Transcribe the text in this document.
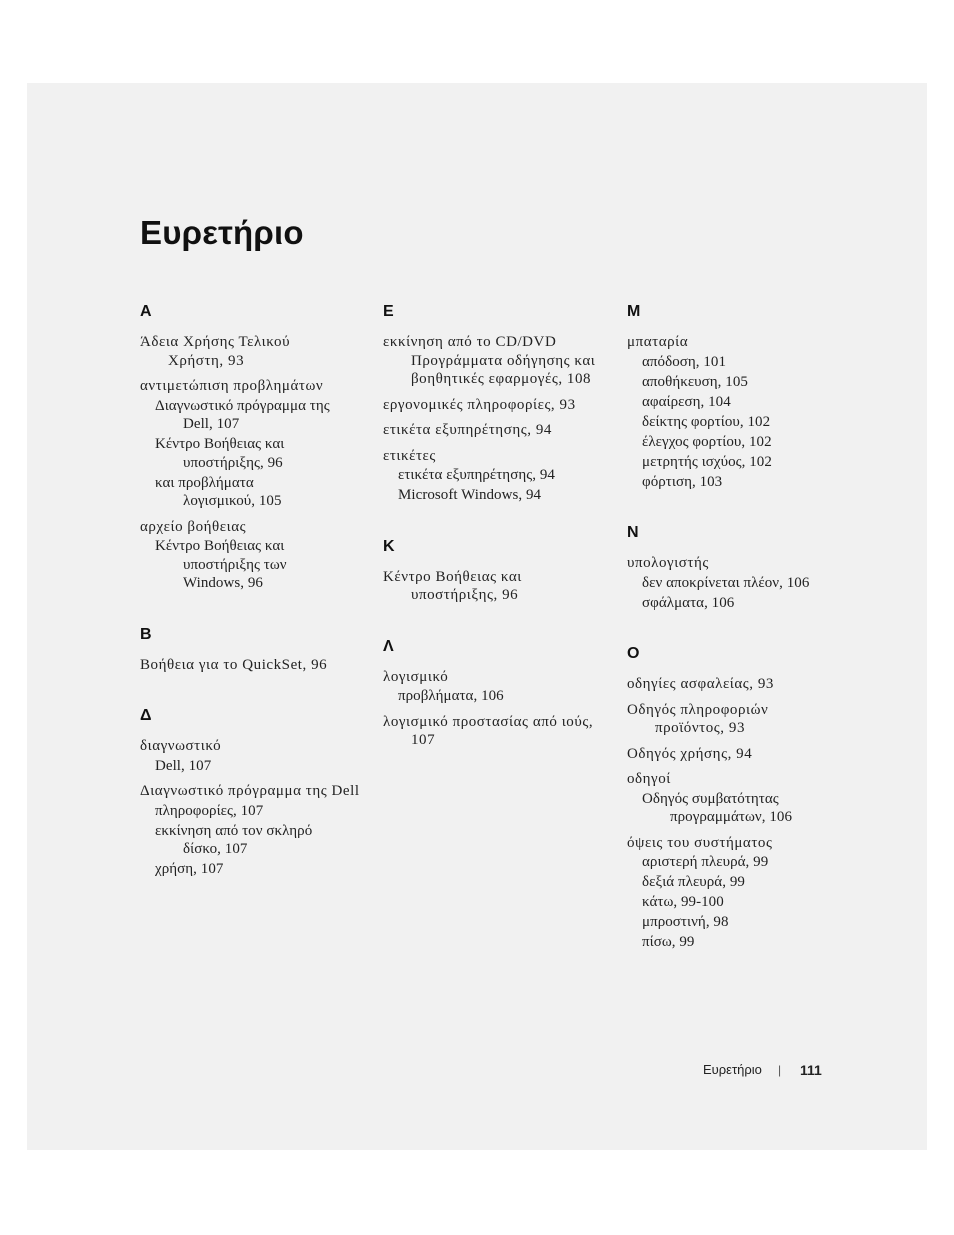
Ευρετήριο
A
Άδεια Χρήσης Τελικού Χρήστη, 93
αντιμετώπιση προβλημάτων
Διαγνωστικό πρόγραμμα της Dell, 107
Κέντρο Βοήθειας και υποστήριξης, 96
και προβλήματα λογισμικού, 105
αρχείο βοήθειας
Κέντρο Βοήθειας και υποστήριξης των Windows, 96
B
Βοήθεια για το QuickSet, 96
Δ
διαγνωστικό
Dell, 107
Διαγνωστικό πρόγραμμα της Dell
πληροφορίες, 107
εκκίνηση από τον σκληρό δίσκο, 107
χρήση, 107
E
εκκίνηση από το CD/DVD Προγράμματα οδήγησης και βοηθητικές εφαρμογές, 108
εργονομικές πληροφορίες, 93
ετικέτα εξυπηρέτησης, 94
ετικέτες
ετικέτα εξυπηρέτησης, 94
Microsoft Windows, 94
K
Κέντρο Βοήθειας και υποστήριξης, 96
Λ
λογισμικό
προβλήματα, 106
λογισμικό προστασίας από ιούς, 107
M
μπαταρία
απόδοση, 101
αποθήκευση, 105
αφαίρεση, 104
δείκτης φορτίου, 102
έλεγχος φορτίου, 102
μετρητής ισχύος, 102
φόρτιση, 103
N
υπολογιστής
δεν αποκρίνεται πλέον, 106
σφάλματα, 106
O
οδηγίες ασφαλείας, 93
Οδηγός πληροφοριών προϊόντος, 93
Οδηγός χρήσης, 94
οδηγοί
Οδηγός συμβατότητας προγραμμάτων, 106
όψεις του συστήματος
αριστερή πλευρά, 99
δεξιά πλευρά, 99
κάτω, 99-100
μπροστινή, 98
πίσω, 99
Ευρετήριο | 111
